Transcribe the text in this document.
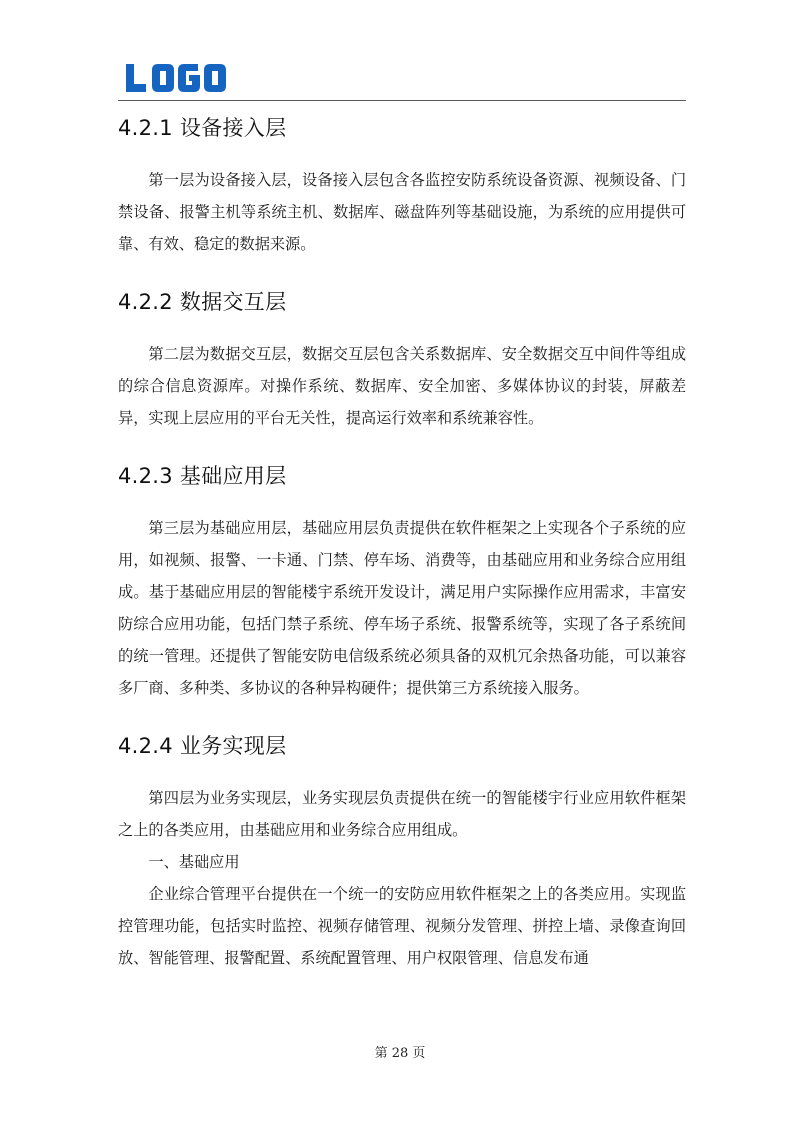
4.2.1 设备接入层

第一层为设备接入层，设备接入层包含各监控安防系统设备资源、视频设备、门禁设备、报警主机等系统主机、数据库、磁盘阵列等基础设施，为系统的应用提供可靠、有效、稳定的数据来源。

4.2.2 数据交互层

第二层为数据交互层，数据交互层包含关系数据库、安全数据交互中间件等组成的综合信息资源库。对操作系统、数据库、安全加密、多媒体协议的封装，屏蔽差异，实现上层应用的平台无关性，提高运行效率和系统兼容性。

4.2.3 基础应用层

第三层为基础应用层，基础应用层负责提供在软件框架之上实现各个子系统的应用，如视频、报警、一卡通、门禁、停车场、消费等，由基础应用和业务综合应用组成。基于基础应用层的智能楼宇系统开发设计，满足用户实际操作应用需求，丰富安防综合应用功能，包括门禁子系统、停车场子系统、报警系统等，实现了各子系统间的统一管理。还提供了智能安防电信级系统必须具备的双机冗余热备功能，可以兼容多厂商、多种类、多协议的各种异构硬件；提供第三方系统接入服务。

4.2.4 业务实现层

第四层为业务实现层，业务实现层负责提供在统一的智能楼宇行业应用软件框架之上的各类应用，由基础应用和业务综合应用组成。

一、基础应用

企业综合管理平台提供在一个统一的安防应用软件框架之上的各类应用。实现监控管理功能，包括实时监控、视频存储管理、视频分发管理、拼控上墙、录像查询回放、智能管理、报警配置、系统配置管理、用户权限管理、信息发布通

第 28 页
